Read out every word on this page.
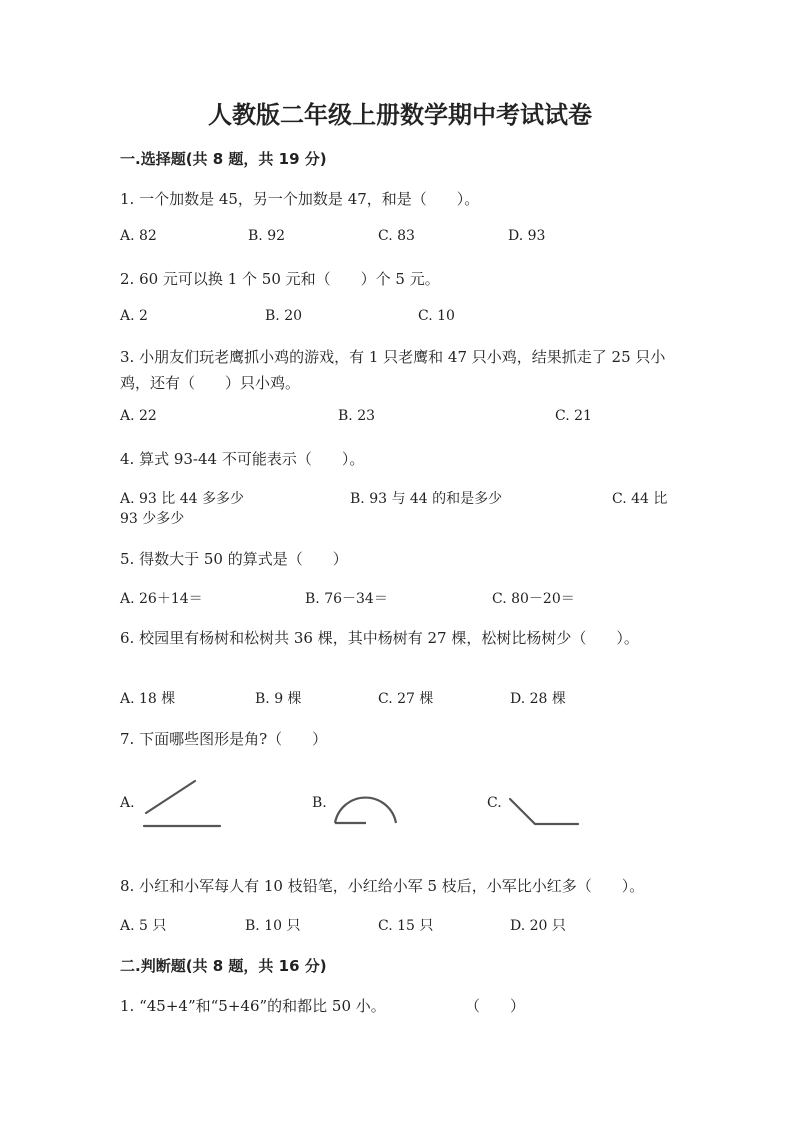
人教版二年级上册数学期中考试试卷
一.选择题(共 8 题，共 19 分)
1. 一个加数是 45，另一个加数是 47，和是（　　）。
A. 82	B. 92	C. 83	D. 93
2. 60 元可以换 1 个 50 元和（　　）个 5 元。
A. 2	B. 20	C. 10
3. 小朋友们玩老鹰抓小鸡的游戏，有 1 只老鹰和 47 只小鸡，结果抓走了 25 只小鸡，还有（　　）只小鸡。
A. 22	B. 23	C. 21
4. 算式 93-44 不可能表示（　　）。
A. 93 比 44 多多少	B. 93 与 44 的和是多少	C. 44 比
93 少多少
5. 得数大于 50 的算式是（　　）
A. 26＋14＝	B. 76－34＝	C. 80－20＝
6. 校园里有杨树和松树共 36 棵，其中杨树有 27 棵，松树比杨树少（　　）。
A. 18 棵	B. 9 棵	C. 27 棵	D. 28 棵
7. 下面哪些图形是角?（　　）
A.	B.	C.
8. 小红和小军每人有 10 枝铅笔，小红给小军 5 枝后，小军比小红多（　　）。
A. 5 只	B. 10 只	C. 15 只	D. 20 只
二.判断题(共 8 题，共 16 分)
1. “45+4”和“5+46”的和都比 50 小。	（　　）
